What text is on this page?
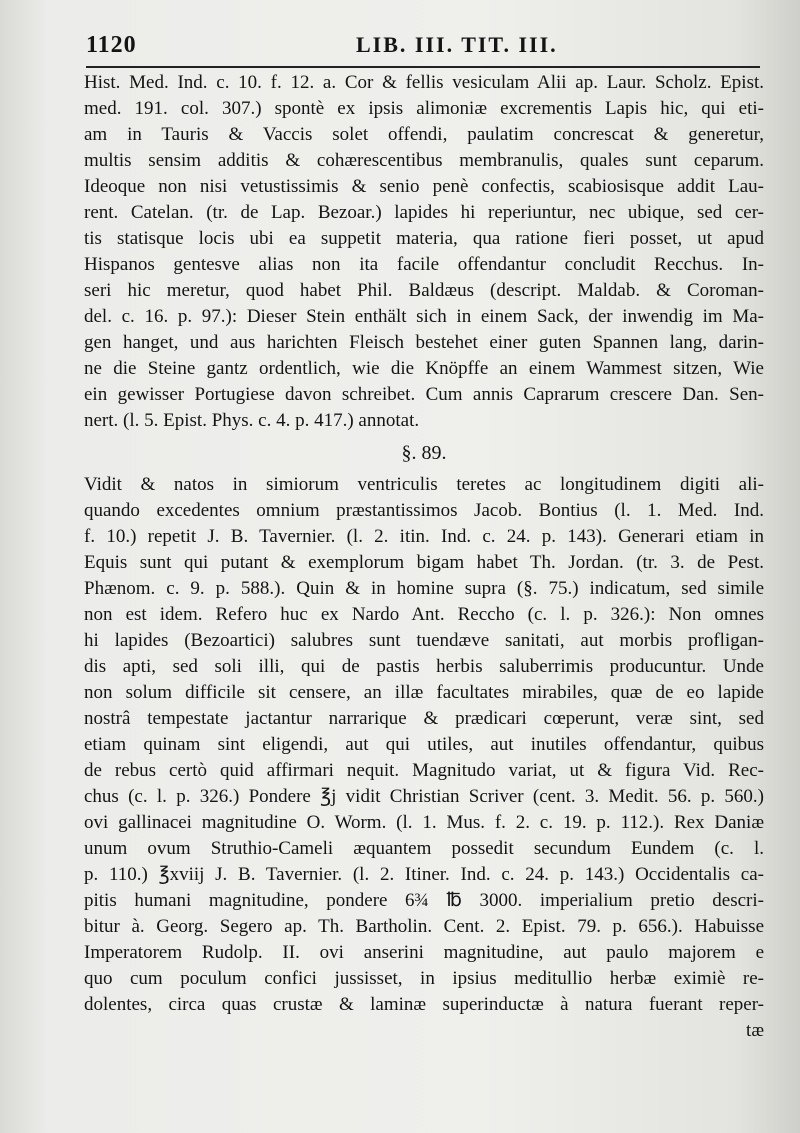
1120	LIB. III. TIT. III.
Hist. Med. Ind. c. 10. f. 12. a. Cor & fellis vesiculam Alii ap. Laur. Scholz. Epist.
med. 191. col. 307.) spontè ex ipsis alimoniæ excrementis Lapis hic, qui eti-
am in Tauris & Vaccis solet offendi, paulatim concrescat & generetur,
multis sensim additis & cohærescentibus membranulis, quales sunt ceparum.
Ideoque non nisi vetustissimis & senio penè confectis, scabiosisque addit Lau-
rent. Catelan. (tr. de Lap. Bezoar.) lapides hi reperiuntur, nec ubique, sed cer-
tis statisque locis ubi ea suppetit materia, qua ratione fieri posset, ut apud
Hispanos gentesve alias non ita facile offendantur concludit Recchus. In-
seri hic meretur, quod habet Phil. Baldæus (descript. Maldab. & Coroman-
del. c. 16. p. 97.): Dieser Stein enthält sich in einem Sack, der inwendig im Ma-
gen hanget, und aus harichten Fleisch bestehet einer guten Spannen lang, darin-
ne die Steine gantz ordentlich, wie die Knöpffe an einem Wammest sitzen, Wie
ein gewisser Portugiese davon schreibet. Cum annis Caprarum crescere Dan. Sen-
nert. (l. 5. Epist. Phys. c. 4. p. 417.) annotat.
§. 89.
Vidit & natos in simiorum ventriculis teretes ac longitudinem digiti ali-
quando excedentes omnium præstantissimos Jacob. Bontius (l. 1. Med. Ind.
f. 10.) repetit J. B. Tavernier. (l. 2. itin. Ind. c. 24. p. 143). Generari etiam in
Equis sunt qui putant & exemplorum bigam habet Th. Jordan. (tr. 3. de Pest.
Phænom. c. 9. p. 588.). Quin & in homine supra (§. 75.) indicatum, sed simile
non est idem. Refero huc ex Nardo Ant. Reccho (c. l. p. 326.): Non omnes
hi lapides (Bezoartici) salubres sunt tuendæve sanitati, aut morbis profligan-
dis apti, sed soli illi, qui de pastis herbis saluberrimis producuntur. Unde
non solum difficile sit censere, an illæ facultates mirabiles, quæ de eo lapide
nostrâ tempestate jactantur narrarique & prædicari cœperunt, veræ sint, sed
etiam quinam sint eligendi, aut qui utiles, aut inutiles offendantur, quibus
de rebus certò quid affirmari nequit. Magnitudo variat, ut & figura Vid. Rec-
chus (c. l. p. 326.) Pondere ℥j vidit Christian Scriver (cent. 3. Medit. 56. p. 560.)
ovi gallinacei magnitudine O. Worm. (l. 1. Mus. f. 2. c. 19. p. 112.). Rex Daniæ
unum ovum Struthio-Cameli æquantem possedit secundum Eundem (c. l.
p. 110.) ℥xviij J. B. Tavernier. (l. 2. Itiner. Ind. c. 24. p. 143.) Occidentalis ca-
pitis humani magnitudine, pondere 6¾ ℔ 3000. imperialium pretio descri-
bitur à. Georg. Segero ap. Th. Bartholin. Cent. 2. Epist. 79. p. 656.). Habuisse
Imperatorem Rudolp. II. ovi anserini magnitudine, aut paulo majorem e
quo cum poculum confici jussisset, in ipsius meditullio herbæ eximiè re-
dolentes, circa quas crustæ & laminæ superinductæ à natura fuerant reper-
tæ
